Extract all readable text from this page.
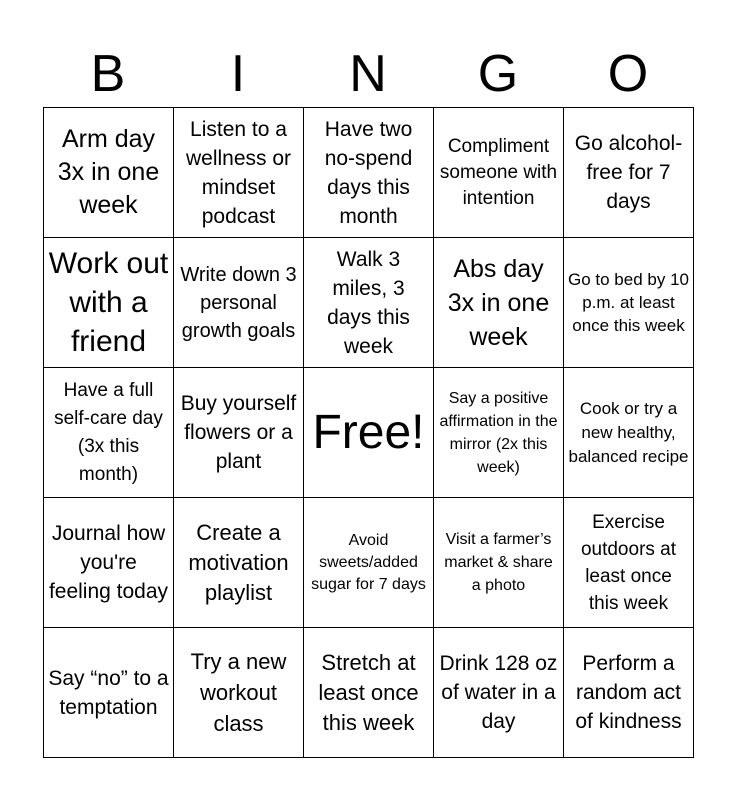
B	I	N	G	O
Arm day 3x in one week	Listen to a wellness or mindset podcast	Have two no-spend days this month	Compliment someone with intention	Go alcohol-free for 7 days

Work out with a friend	Write down 3 personal growth goals	Walk 3 miles, 3 days this week	Abs day 3x in one week	Go to bed by 10 p.m. at least once this week

Have a full self-care day (3x this month)	Buy yourself flowers or a plant	Free!	Say a positive affirmation in the mirror (2x this week)	Cook or try a new healthy, balanced recipe

Journal how you're feeling today	Create a motivation playlist	Avoid sweets/added sugar for 7 days	Visit a farmer’s market & share a photo	Exercise outdoors at least once this week

Say “no” to a temptation	Try a new workout class	Stretch at least once this week	Drink 128 oz of water in a day	Perform a random act of kindness
